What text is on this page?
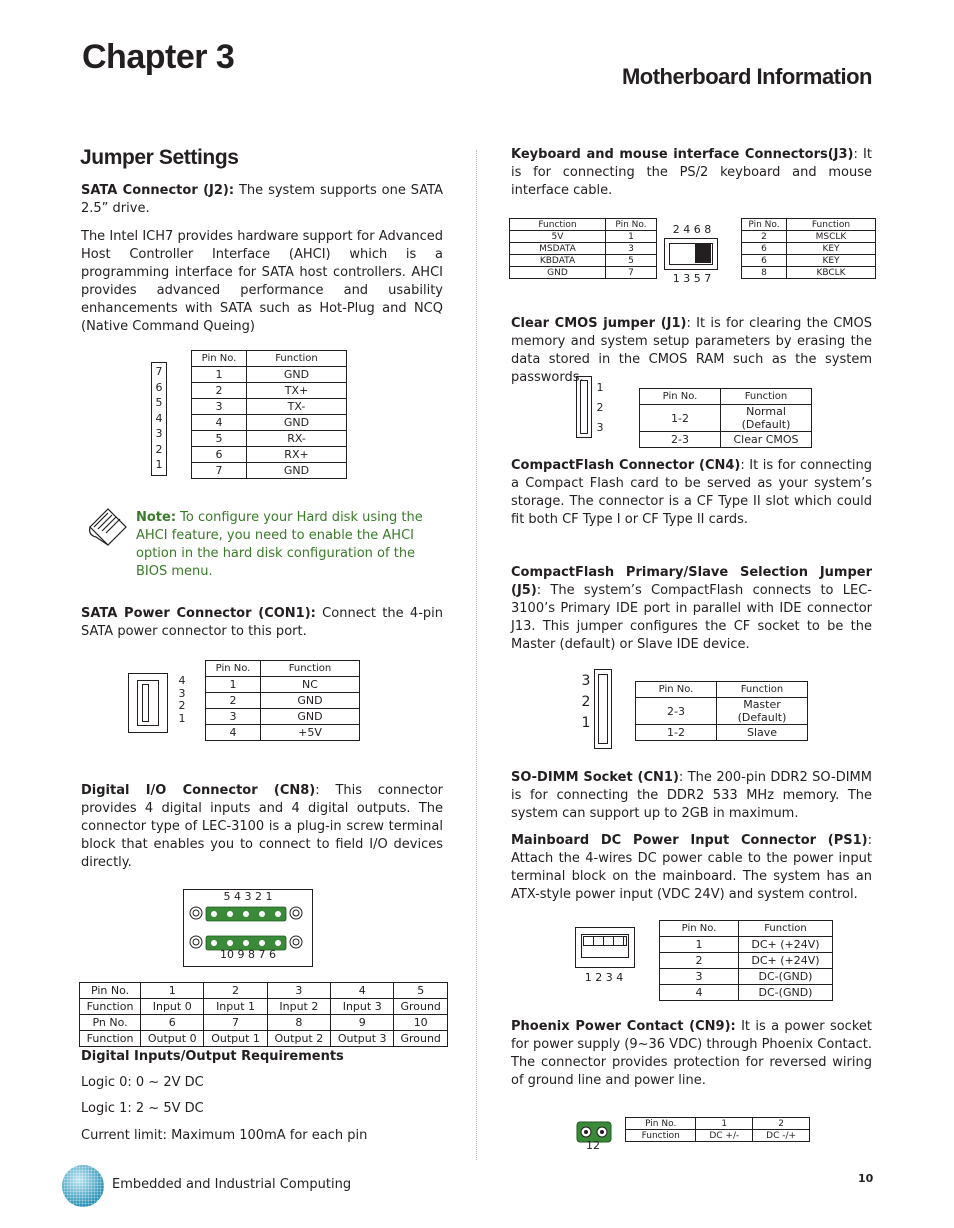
Chapter 3
Motherboard Information
Jumper Settings

SATA Connector (J2): The system supports one SATA 2.5” drive.

The Intel ICH7 provides hardware support for Advanced Host Controller Interface (AHCI) which is a programming interface for SATA host controllers. AHCI provides advanced performance and usability enhancements with SATA such as Hot-Plug and NCQ (Native Command Queing)

7
6
5
4
3
2
1
Pin No.	Function
1	GND
2	TX+
3	TX-
4	GND
5	RX-
6	RX+
7	GND
Note: To configure your Hard disk using the AHCI feature, you need to enable the AHCI option in the hard disk configuration of the BIOS menu.

SATA Power Connector (CON1): Connect the 4-pin SATA power connector to this port.

4
3
2
1
Pin No.	Function
1	NC
2	GND
3	GND
4	+5V

Digital I/O Connector (CN8): This connector provides 4 digital inputs and 4 digital outputs. The connector type of LEC-3100 is a plug-in screw terminal block that enables you to connect to field I/O devices directly.

5 4 3 2 1
10 9 8 7 6
Pin No.	1	2	3	4	5
Function	Input 0	Input 1	Input 2	Input 3	Ground
Pn No.	6	7	8	9	10
Function	Output 0	Output 1	Output 2	Output 3	Ground
Digital Inputs/Output Requirements
Logic 0: 0 ~ 2V DC
Logic 1: 2 ~ 5V DC
Current limit: Maximum 100mA for each pin

Keyboard and mouse interface Connectors(J3): It is for connecting the PS/2 keyboard and mouse interface cable.

Function	Pin No.
5V	1
MSDATA	3
KBDATA	5
GND	7
2 4 6 8
1 3 5 7
Pin No.	Function
2	MSCLK
6	KEY
6	KEY
8	KBCLK

Clear CMOS jumper (J1): It is for clearing the CMOS memory and system setup parameters by erasing the data stored in the CMOS RAM such as the system passwords.

1
2
3
Pin No.	Function
1-2	Normal (Default)
2-3	Clear CMOS

CompactFlash Connector (CN4): It is for connecting a Compact Flash card to be served as your system’s storage. The connector is a CF Type II slot which could fit both CF Type I or CF Type II cards.

CompactFlash Primary/Slave Selection Jumper (J5): The system’s CompactFlash connects to LEC-3100’s Primary IDE port in parallel with IDE connector J13. This jumper configures the CF socket to be the Master (default) or Slave IDE device.

3
2
1
Pin No.	Function
2-3	Master (Default)
1-2	Slave

SO-DIMM Socket (CN1): The 200-pin DDR2 SO-DIMM is for connecting the DDR2 533 MHz memory. The system can support up to 2GB in maximum.

Mainboard DC Power Input Connector (PS1): Attach the 4-wires DC power cable to the power input terminal block on the mainboard. The system has an ATX-style power input (VDC 24V) and system control.

1 2 3 4
Pin No.	Function
1	DC+ (+24V)
2	DC+ (+24V)
3	DC-(GND)
4	DC-(GND)

Phoenix Power Contact (CN9): It is a power socket for power supply (9~36 VDC) through Phoenix Contact. The connector provides protection for reversed wiring of ground line and power line.

12
Pin No.	1	2
Function	DC +/-	DC -/+
Embedded and Industrial Computing	10
